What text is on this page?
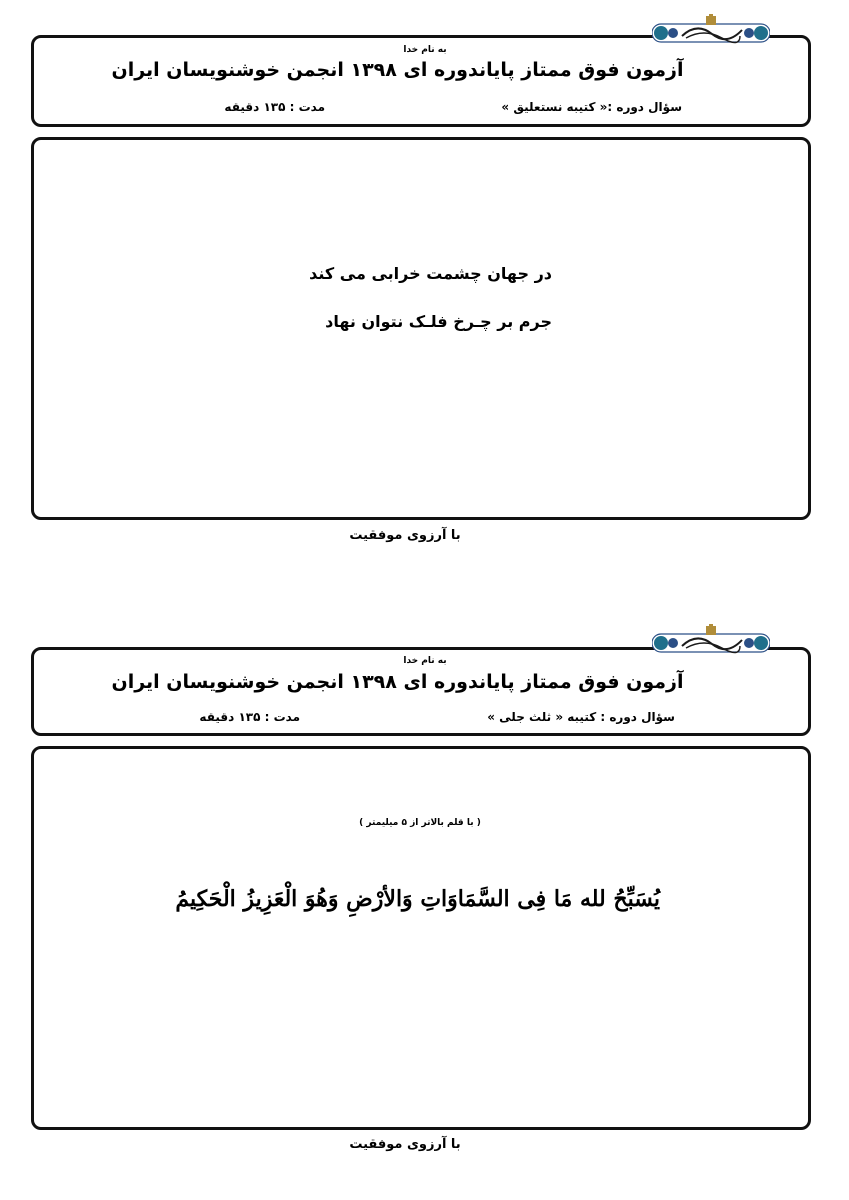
به نام خدا
آزمون فوق ممتاز پایاندوره ای ۱۳۹۸ انجمن خوشنویسان ایران
سؤال دوره :« کتیبه نستعلیق »
مدت : ۱۳۵ دقیقه
در جهان چشمت خرابی می کند
جرم بر چـرخ فلـک نتوان نهاد
با آرزوی موفقیت
به نام خدا
آزمون فوق ممتاز پایاندوره ای ۱۳۹۸ انجمن خوشنویسان ایران
سؤال دوره : کتیبه « ثلث جلی »
مدت : ۱۳۵ دقیقه
( با قلم بالاتر از ۵ میلیمتر )
يُسَبِّحُ لله مَا فِى السَّمَاوَاتِ وَالأرْضِ وَهُوَ الْعَزِيزُ الْحَكِيمُ
با آرزوی موفقیت
